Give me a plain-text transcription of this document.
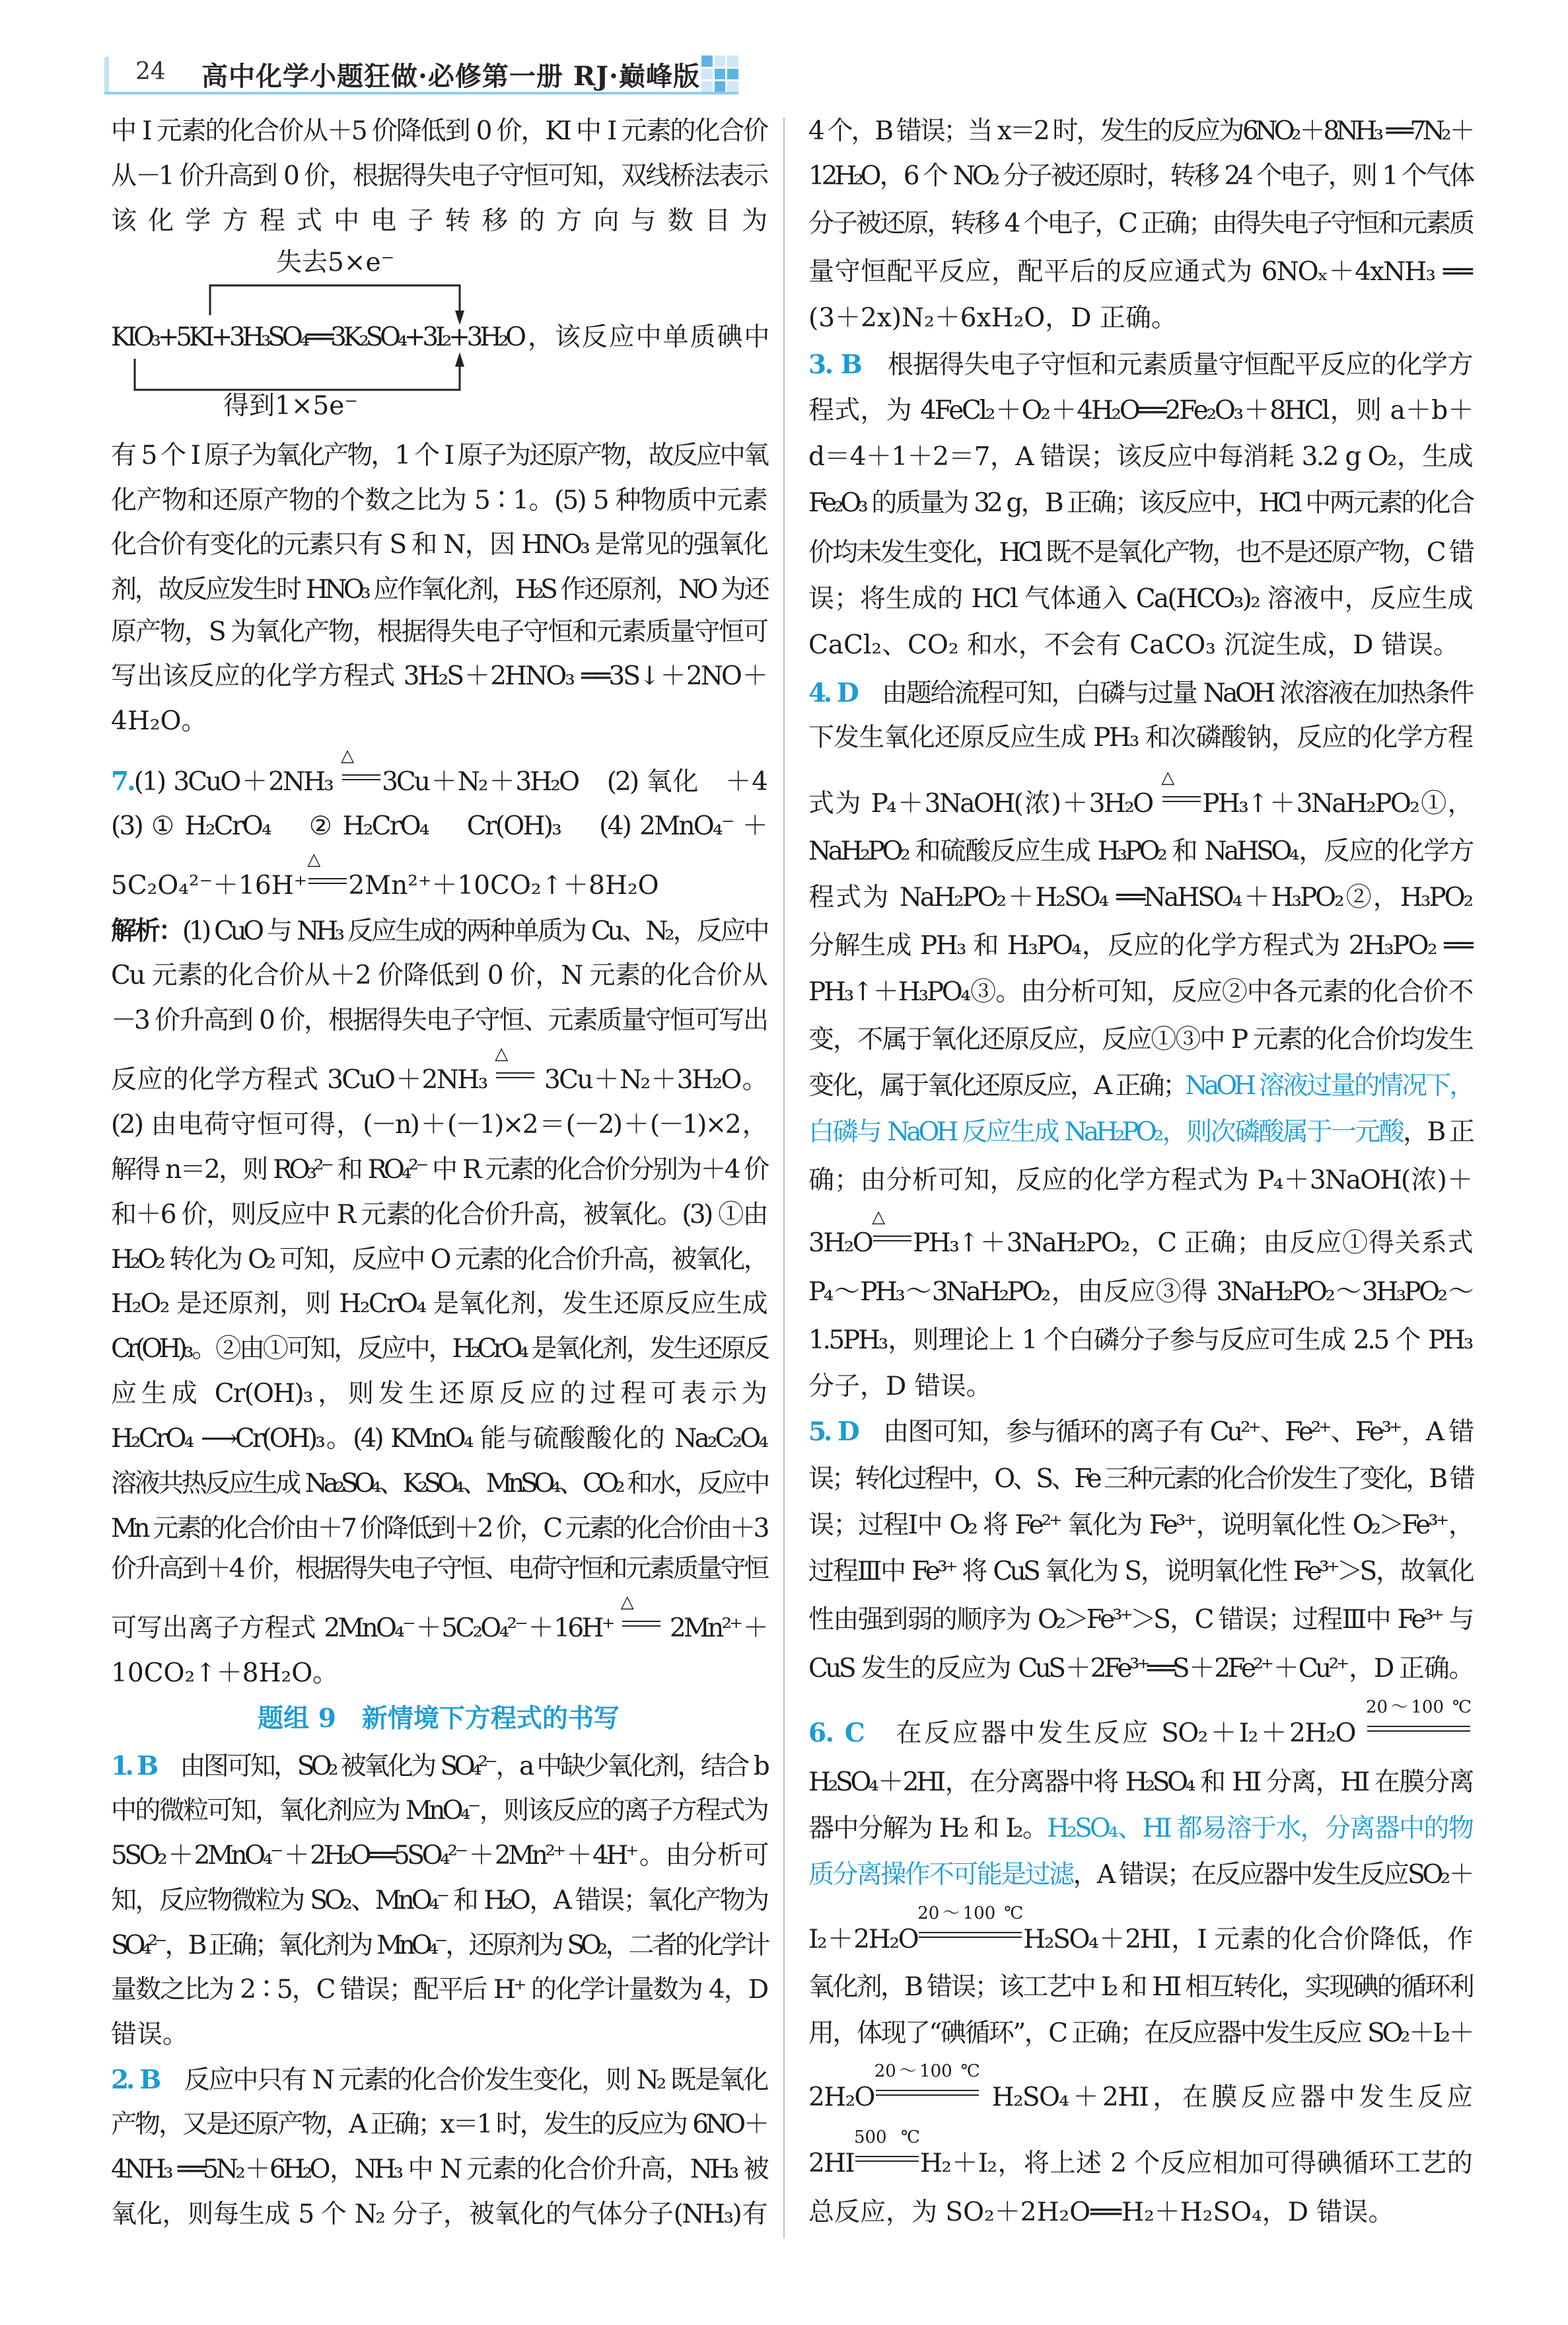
24 高中化学小题狂做·必修第一册 RJ·巅峰版
中 I 元素的化合价从＋5 价降低到 0 价，KI 中 I 元素的化合价
从－1 价升高到 0 价，根据得失电子守恒可知，双线桥法表示
该化学方程式中电子转移的方向与数目为
失去5×e⁻
KIO₃+5KI+3H₃SO₄══3K₂SO₄+3I₂+3H₂O，该反应中单质碘中
得到1×5e⁻
有 5 个 I 原子为氧化产物，1 个 I 原子为还原产物，故反应中氧
化产物和还原产物的个数之比为 5∶1。(5) 5 种物质中元素
化合价有变化的元素只有 S 和 N，因 HNO₃ 是常见的强氧化
剂，故反应发生时 HNO₃ 应作氧化剂，H₂S 作还原剂，NO 为还
原产物，S 为氧化产物，根据得失电子守恒和元素质量守恒可
写出该反应的化学方程式 3H₂S＋2HNO₃ ══3S↓＋2NO＋
4H₂O。
7.(1) 3CuO＋2NH₃
△
3Cu＋N₂＋3H₂O　(2) 氧化　＋4
(3) ① H₂CrO₄　 ② H₂CrO₄　 Cr(OH)₃　 (4) 2MnO₄⁻ ＋
5C₂O₄²⁻＋16H⁺
△
2Mn²⁺＋10CO₂↑＋8H₂O
解析：(1) CuO 与 NH₃ 反应生成的两种单质为 Cu、N₂，反应中
Cu 元素的化合价从＋2 价降低到 0 价，N 元素的化合价从
－3 价升高到 0 价，根据得失电子守恒、元素质量守恒可写出
反应的化学方程式 3CuO＋2NH₃
△
3Cu＋N₂＋3H₂O。
(2) 由电荷守恒可得，(－n)＋(－1)×2＝(－2)＋(－1)×2，
解得 n＝2，则 RO₃²⁻ 和 RO₄²⁻ 中 R 元素的化合价分别为＋4 价
和＋6 价，则反应中 R 元素的化合价升高，被氧化。(3) ①由
H₂O₂ 转化为 O₂ 可知，反应中 O 元素的化合价升高，被氧化，
H₂O₂ 是还原剂，则 H₂CrO₄ 是氧化剂，发生还原反应生成
Cr(OH)₃。②由①可知，反应中，H₂CrO₄ 是氧化剂，发生还原反
应生成 Cr(OH)₃，则发生还原反应的过程可表示为
H₂CrO₄ ⟶Cr(OH)₃。(4) KMnO₄ 能与硫酸酸化的 Na₂C₂O₄
溶液共热反应生成 Na₂SO₄、K₂SO₄、MnSO₄、CO₂ 和水，反应中
Mn 元素的化合价由＋7 价降低到＋2 价，C 元素的化合价由＋3
价升高到＋4 价，根据得失电子守恒、电荷守恒和元素质量守恒
可写出离子方程式 2MnO₄⁻＋5C₂O₄²⁻＋16H⁺
△
2Mn²⁺＋
10CO₂↑＋8H₂O。
题组 9　新情境下方程式的书写
1. B　由图可知，SO₂ 被氧化为 SO₄²⁻，a 中缺少氧化剂，结合 b
中的微粒可知，氧化剂应为 MnO₄⁻，则该反应的离子方程式为
5SO₂＋2MnO₄⁻＋2H₂O══5SO₄²⁻＋2Mn²⁺＋4H⁺。由分析可
知，反应物微粒为 SO₂、MnO₄⁻ 和 H₂O，A 错误；氧化产物为
SO₄²⁻，B 正确；氧化剂为 MnO₄⁻，还原剂为 SO₂，二者的化学计
量数之比为 2∶5，C 错误；配平后 H⁺ 的化学计量数为 4，D
错误。
2. B　反应中只有 N 元素的化合价发生变化，则 N₂ 既是氧化
产物，又是还原产物，A 正确；x＝1 时，发生的反应为 6NO＋
4NH₃ ══5N₂＋6H₂O，NH₃ 中 N 元素的化合价升高，NH₃ 被
氧化，则每生成 5 个 N₂ 分子，被氧化的气体分子(NH₃)有
4 个，B 错误；当 x＝2 时，发生的反应为6NO₂＋8NH₃ ══7N₂＋
12H₂O，6 个 NO₂ 分子被还原时，转移 24 个电子，则 1 个气体
分子被还原，转移 4 个电子，C 正确；由得失电子守恒和元素质
量守恒配平反应，配平后的反应通式为 6NOₓ＋4xNH₃ ══
(3＋2x)N₂＋6xH₂O，D 正确。
3. B　根据得失电子守恒和元素质量守恒配平反应的化学方
程式，为 4FeCl₂＋O₂＋4H₂O══2Fe₂O₃＋8HCl，则 a＋b＋
d＝4＋1＋2＝7，A 错误；该反应中每消耗 3.2 g O₂，生成
Fe₂O₃ 的质量为 32 g，B 正确；该反应中，HCl 中两元素的化合
价均未发生变化，HCl 既不是氧化产物，也不是还原产物，C 错
误；将生成的 HCl 气体通入 Ca(HCO₃)₂ 溶液中，反应生成
CaCl₂、CO₂ 和水，不会有 CaCO₃ 沉淀生成，D 错误。
4. D　由题给流程可知，白磷与过量 NaOH 浓溶液在加热条件
下发生氧化还原反应生成 PH₃ 和次磷酸钠，反应的化学方程
式为 P₄＋3NaOH(浓)＋3H₂O
△
PH₃↑＋3NaH₂PO₂①，
NaH₂PO₂ 和硫酸反应生成 H₃PO₂ 和 NaHSO₄，反应的化学方
程式为 NaH₂PO₂＋H₂SO₄ ══NaHSO₄＋H₃PO₂②，H₃PO₂
分解生成 PH₃ 和 H₃PO₄，反应的化学方程式为 2H₃PO₂ ══
PH₃↑＋H₃PO₄③。由分析可知，反应②中各元素的化合价不
变，不属于氧化还原反应，反应①③中 P 元素的化合价均发生
变化，属于氧化还原反应，A 正确；NaOH 溶液过量的情况下，
白磷与 NaOH 反应生成 NaH₂PO₂，则次磷酸属于一元酸，B 正
确；由分析可知，反应的化学方程式为 P₄＋3NaOH(浓)＋
3H₂O
△
PH₃↑＋3NaH₂PO₂，C 正确；由反应①得关系式
P₄～PH₃～3NaH₂PO₂，由反应③得 3NaH₂PO₂～3H₃PO₂～
1.5PH₃，则理论上 1 个白磷分子参与反应可生成 2.5 个 PH₃
分子，D 错误。
5. D　由图可知，参与循环的离子有 Cu²⁺、Fe²⁺、Fe³⁺，A 错
误；转化过程中，O、S、Fe 三种元素的化合价发生了变化，B 错
误；过程Ⅰ中 O₂ 将 Fe²⁺ 氧化为 Fe³⁺，说明氧化性 O₂＞Fe³⁺，
过程Ⅲ中 Fe³⁺ 将 CuS 氧化为 S，说明氧化性 Fe³⁺＞S，故氧化
性由强到弱的顺序为 O₂＞Fe³⁺＞S，C 错误；过程Ⅲ中 Fe³⁺ 与
CuS 发生的反应为 CuS＋2Fe³⁺══S＋2Fe²⁺＋Cu²⁺，D 正确。
6. C　在反应器中发生反应 SO₂＋I₂＋2H₂O
20～100 ℃
H₂SO₄＋2HI，在分离器中将 H₂SO₄ 和 HI 分离，HI 在膜分离
器中分解为 H₂ 和 I₂。H₂SO₄、HI 都易溶于水，分离器中的物
质分离操作不可能是过滤，A 错误；在反应器中发生反应SO₂＋
I₂＋2H₂O
20～100 ℃
H₂SO₄＋2HI，I 元素的化合价降低，作
氧化剂，B 错误；该工艺中 I₂ 和 HI 相互转化，实现碘的循环利
用，体现了“碘循环”，C 正确；在反应器中发生反应 SO₂＋I₂＋
2H₂O
20～100 ℃
H₂SO₄＋2HI，在膜反应器中发生反应
2HI
500 ℃
H₂＋I₂，将上述 2 个反应相加可得碘循环工艺的
总反应，为 SO₂＋2H₂O══H₂＋H₂SO₄，D 错误。
